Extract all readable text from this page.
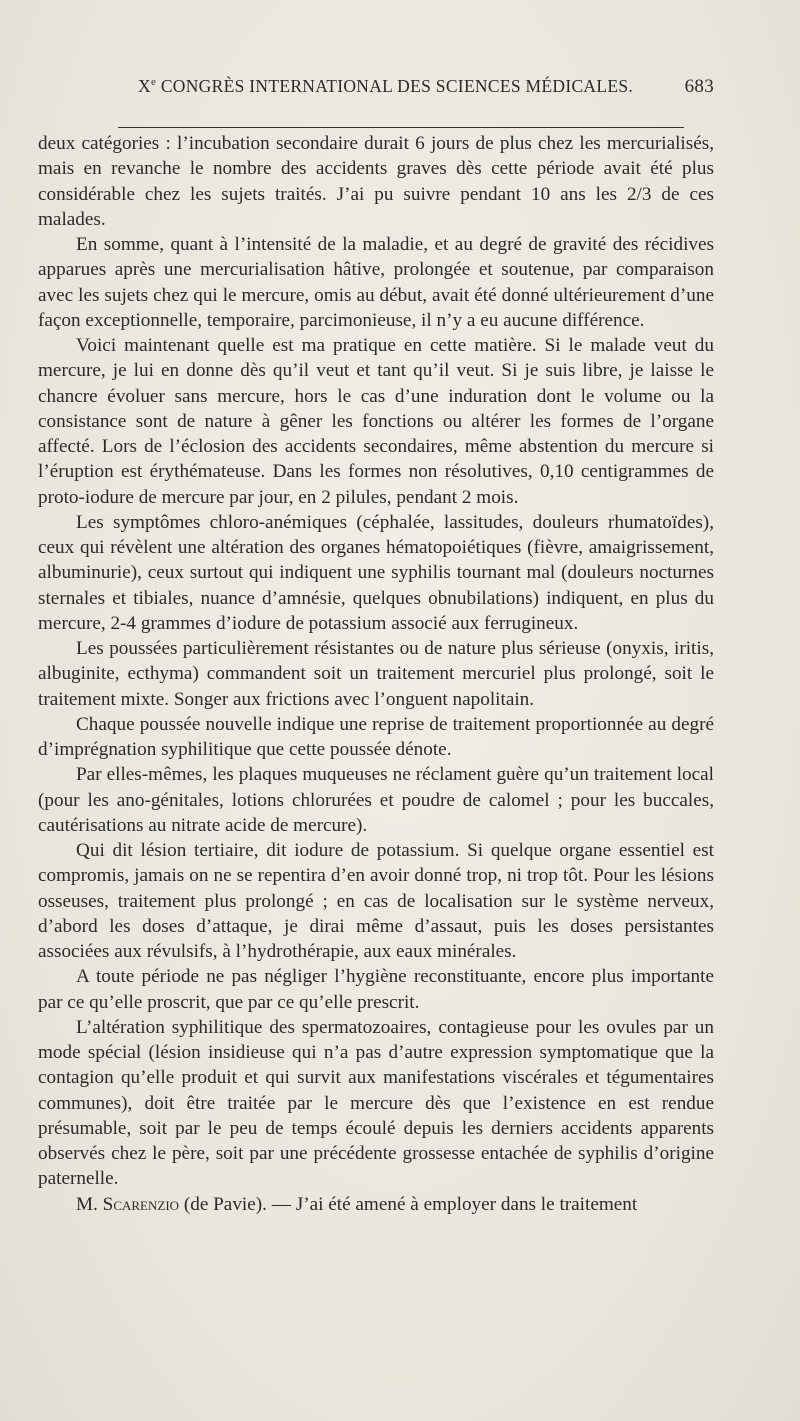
Xe CONGRÈS INTERNATIONAL DES SCIENCES MÉDICALES.	683

deux catégories : l’incubation secondaire durait 6 jours de plus chez les mercurialisés, mais en revanche le nombre des accidents graves dès cette période avait été plus considérable chez les sujets traités. J’ai pu suivre pendant 10 ans les 2/3 de ces malades.

En somme, quant à l’intensité de la maladie, et au degré de gravité des récidives apparues après une mercurialisation hâtive, prolongée et soutenue, par comparaison avec les sujets chez qui le mercure, omis au début, avait été donné ultérieurement d’une façon exceptionnelle, temporaire, parcimonieuse, il n’y a eu aucune différence.

Voici maintenant quelle est ma pratique en cette matière. Si le malade veut du mercure, je lui en donne dès qu’il veut et tant qu’il veut. Si je suis libre, je laisse le chancre évoluer sans mercure, hors le cas d’une induration dont le volume ou la consistance sont de nature à gêner les fonctions ou altérer les formes de l’organe affecté. Lors de l’éclosion des accidents secondaires, même abstention du mercure si l’éruption est érythémateuse. Dans les formes non résolutives, 0,10 centigrammes de proto-iodure de mercure par jour, en 2 pilules, pendant 2 mois.

Les symptômes chloro-anémiques (céphalée, lassitudes, douleurs rhumatoïdes), ceux qui révèlent une altération des organes hématopoiétiques (fièvre, amaigrissement, albuminurie), ceux surtout qui indiquent une syphilis tournant mal (douleurs nocturnes sternales et tibiales, nuance d’amnésie, quelques obnubilations) indiquent, en plus du mercure, 2-4 grammes d’iodure de potassium associé aux ferrugineux.

Les poussées particulièrement résistantes ou de nature plus sérieuse (onyxis, iritis, albuginite, ecthyma) commandent soit un traitement mercuriel plus prolongé, soit le traitement mixte. Songer aux frictions avec l’onguent napolitain.

Chaque poussée nouvelle indique une reprise de traitement proportionnée au degré d’imprégnation syphilitique que cette poussée dénote.

Par elles-mêmes, les plaques muqueuses ne réclament guère qu’un traitement local (pour les ano-génitales, lotions chlorurées et poudre de calomel ; pour les buccales, cautérisations au nitrate acide de mercure).

Qui dit lésion tertiaire, dit iodure de potassium. Si quelque organe essentiel est compromis, jamais on ne se repentira d’en avoir donné trop, ni trop tôt. Pour les lésions osseuses, traitement plus prolongé ; en cas de localisation sur le système nerveux, d’abord les doses d’attaque, je dirai même d’assaut, puis les doses persistantes associées aux révulsifs, à l’hydrothérapie, aux eaux minérales.

A toute période ne pas négliger l’hygiène reconstituante, encore plus importante par ce qu’elle proscrit, que par ce qu’elle prescrit.

L’altération syphilitique des spermatozoaires, contagieuse pour les ovules par un mode spécial (lésion insidieuse qui n’a pas d’autre expression symptomatique que la contagion qu’elle produit et qui survit aux manifestations viscérales et tégumentaires communes), doit être traitée par le mercure dès que l’existence en est rendue présumable, soit par le peu de temps écoulé depuis les derniers accidents apparents observés chez le père, soit par une précédente grossesse entachée de syphilis d’origine paternelle.

M. Scarenzio (de Pavie). — J’ai été amené à employer dans le traitement
